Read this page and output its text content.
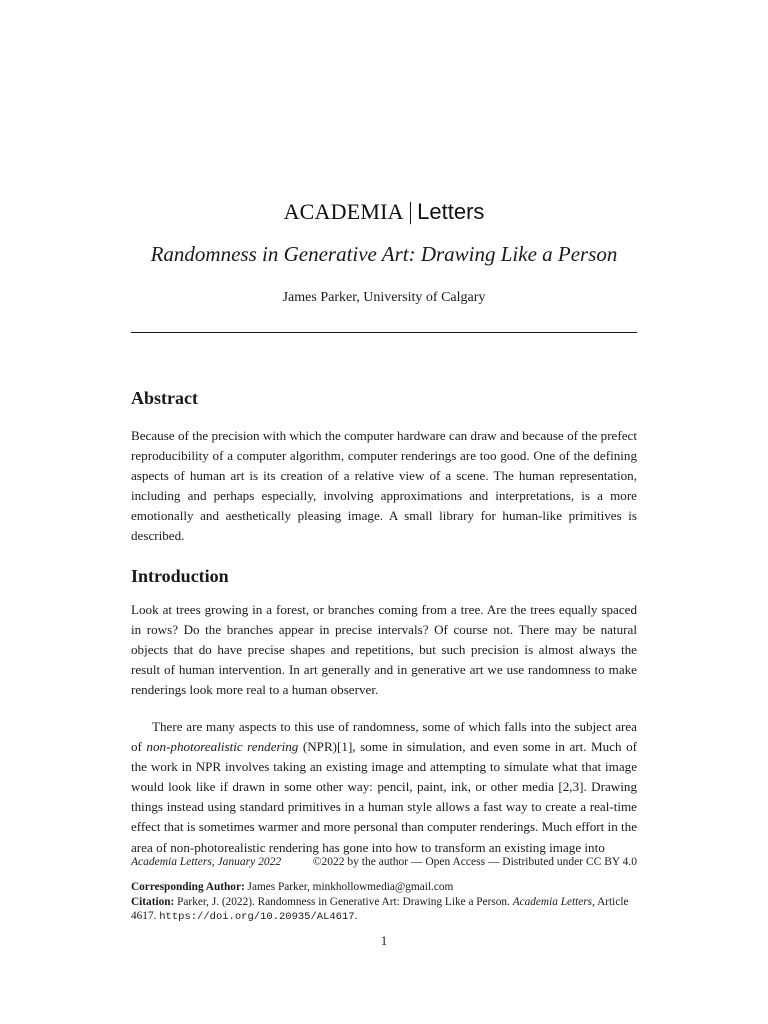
ACADEMIA | Letters
Randomness in Generative Art: Drawing Like a Person
James Parker, University of Calgary
Abstract

Because of the precision with which the computer hardware can draw and because of the prefect reproducibility of a computer algorithm, computer renderings are too good. One of the defining aspects of human art is its creation of a relative view of a scene. The human representation, including and perhaps especially, involving approximations and interpretations, is a more emotionally and aesthetically pleasing image. A small library for human-like primitives is described.

Introduction

Look at trees growing in a forest, or branches coming from a tree. Are the trees equally spaced in rows? Do the branches appear in precise intervals? Of course not. There may be natural objects that do have precise shapes and repetitions, but such precision is almost always the result of human intervention. In art generally and in generative art we use randomness to make renderings look more real to a human observer.

There are many aspects to this use of randomness, some of which falls into the subject area of non-photorealistic rendering (NPR)[1], some in simulation, and even some in art. Much of the work in NPR involves taking an existing image and attempting to simulate what that image would look like if drawn in some other way: pencil, paint, ink, or other media [2,3]. Drawing things instead using standard primitives in a human style allows a fast way to create a real-time effect that is sometimes warmer and more personal than computer renderings. Much effort in the area of non-photorealistic rendering has gone into how to transform an existing image into

Academia Letters, January 2022	©2022 by the author — Open Access — Distributed under CC BY 4.0

Corresponding Author: James Parker, minkhollowmedia@gmail.com
Citation: Parker, J. (2022). Randomness in Generative Art: Drawing Like a Person. Academia Letters, Article 4617. https://doi.org/10.20935/AL4617.

1
